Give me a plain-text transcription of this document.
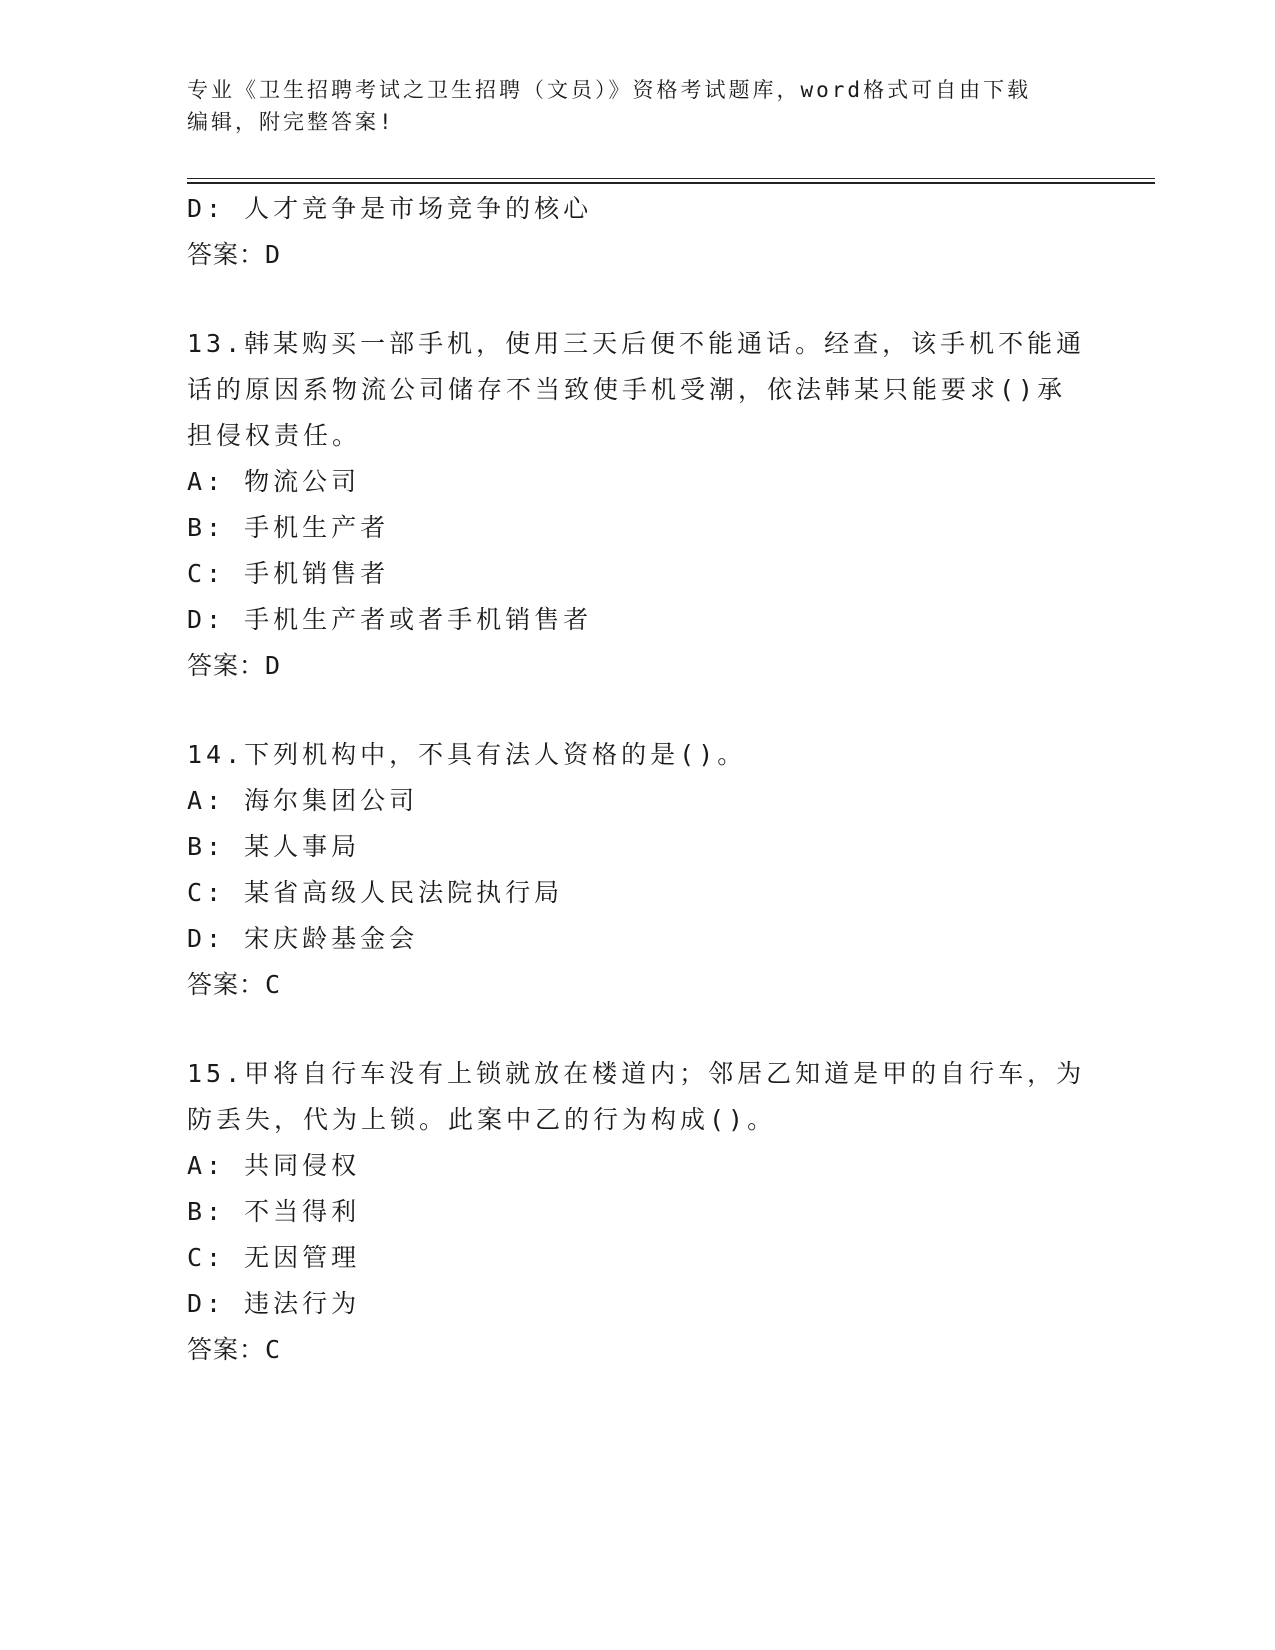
专业《卫生招聘考试之卫生招聘（文员）》资格考试题库，word格式可自由下载
编辑，附完整答案!
D: 人才竞争是市场竞争的核心
答案：D
13.韩某购买一部手机，使用三天后便不能通话。经查，该手机不能通
话的原因系物流公司储存不当致使手机受潮，依法韩某只能要求()承
担侵权责任。
A: 物流公司
B: 手机生产者
C: 手机销售者
D: 手机生产者或者手机销售者
答案：D
14.下列机构中，不具有法人资格的是()。
A: 海尔集团公司
B: 某人事局
C: 某省高级人民法院执行局
D: 宋庆龄基金会
答案：C
15.甲将自行车没有上锁就放在楼道内；邻居乙知道是甲的自行车，为
防丢失，代为上锁。此案中乙的行为构成()。
A: 共同侵权
B: 不当得利
C: 无因管理
D: 违法行为
答案：C
